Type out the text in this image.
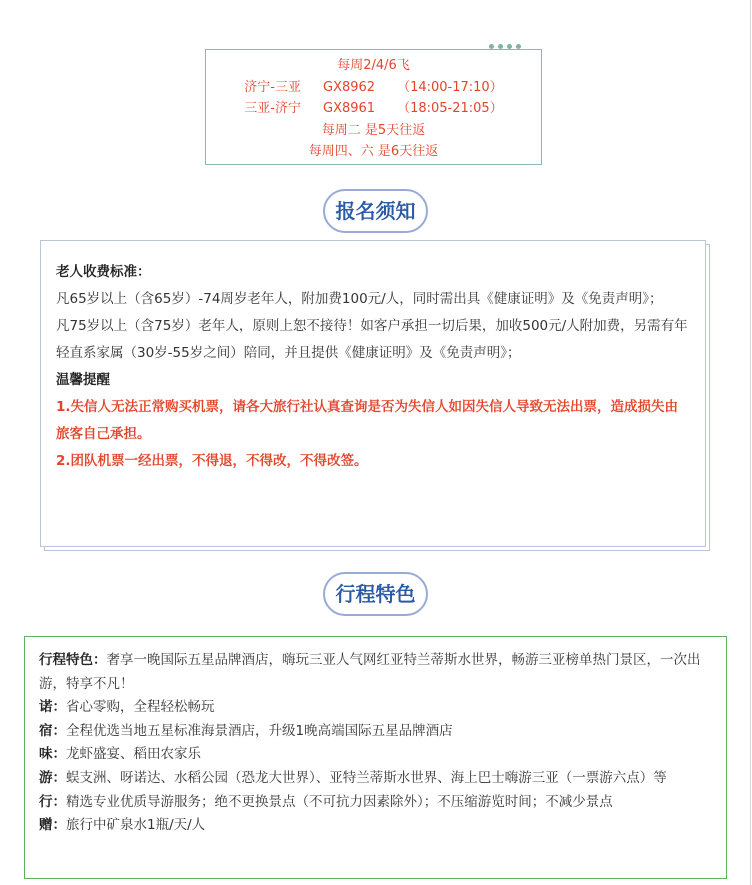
每周2/4/6飞
济宁-三亚 GX8962 （14:00-17:10）
三亚-济宁 GX8961 （18:05-21:05）
每周二 是5天往返
每周四、六 是6天往返
报名须知
老人收费标准：
凡65岁以上（含65岁）-74周岁老年人，附加费100元/人，同时需出具《健康证明》及《免责声明》；
凡75岁以上（含75岁）老年人，原则上恕不接待！如客户承担一切后果，加收500元/人附加费，另需有年轻直系家属（30岁-55岁之间）陪同，并且提供《健康证明》及《免责声明》；
温馨提醒
1.失信人无法正常购买机票，请各大旅行社认真查询是否为失信人如因失信人导致无法出票，造成损失由旅客自己承担。
2.团队机票一经出票，不得退，不得改，不得改签。
行程特色
行程特色：奢享一晚国际五星品牌酒店，嗨玩三亚人气网红亚特兰蒂斯水世界，畅游三亚榜单热门景区，一次出游，特享不凡！
诺：省心零购，全程轻松畅玩
宿：全程优选当地五星标准海景酒店，升级1晚高端国际五星品牌酒店
味：龙虾盛宴、稻田农家乐
游：蜈支洲、呀诺达、水稻公园（恐龙大世界）、亚特兰蒂斯水世界、海上巴士嗨游三亚（一票游六点）等
行：精选专业优质导游服务；绝不更换景点（不可抗力因素除外）；不压缩游览时间；不减少景点
赠：旅行中矿泉水1瓶/天/人
